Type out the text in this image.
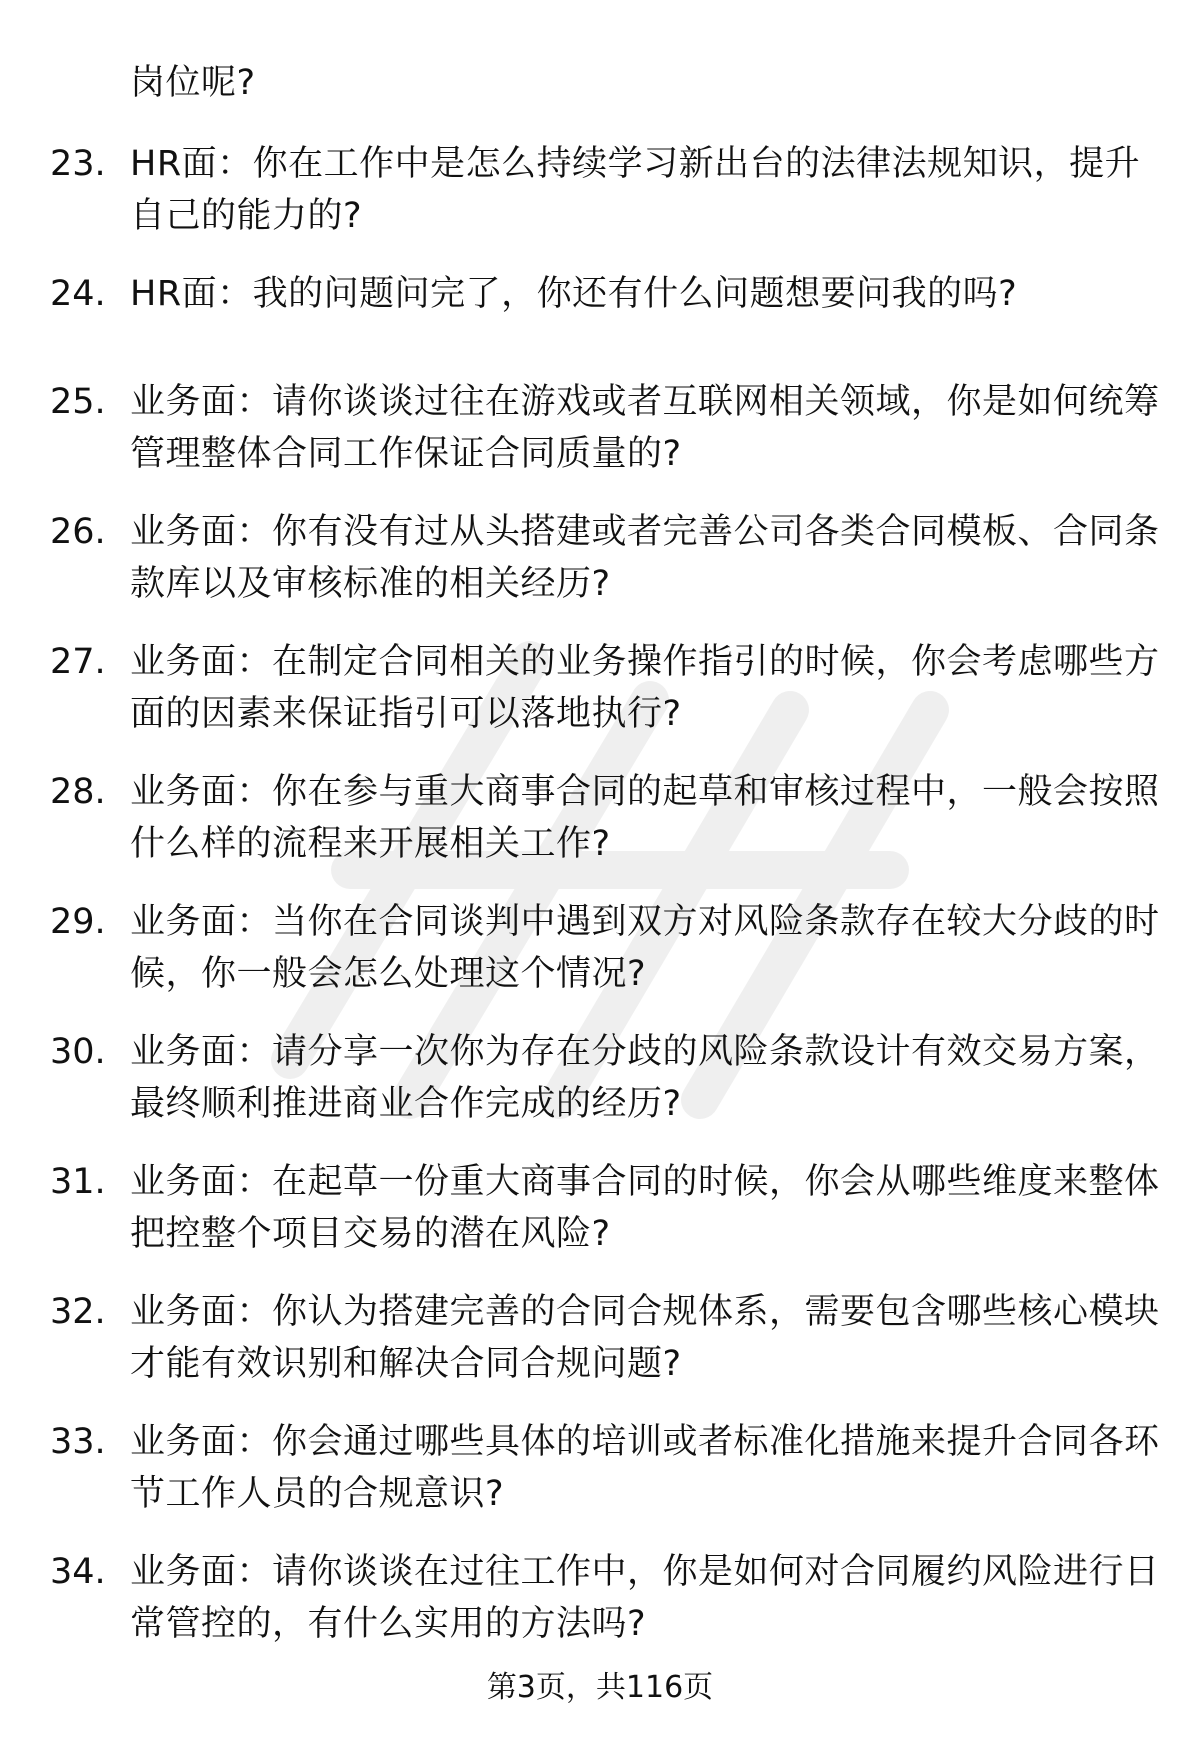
岗位呢?
23. HR面：你在工作中是怎么持续学习新出台的法律法规知识，提升自己的能力的?
24. HR面：我的问题问完了，你还有什么问题想要问我的吗?
25. 业务面：请你谈谈过往在游戏或者互联网相关领域，你是如何统筹管理整体合同工作保证合同质量的?
26. 业务面：你有没有过从头搭建或者完善公司各类合同模板、合同条款库以及审核标准的相关经历?
27. 业务面：在制定合同相关的业务操作指引的时候，你会考虑哪些方面的因素来保证指引可以落地执行?
28. 业务面：你在参与重大商事合同的起草和审核过程中，一般会按照什么样的流程来开展相关工作?
29. 业务面：当你在合同谈判中遇到双方对风险条款存在较大分歧的时候，你一般会怎么处理这个情况?
30. 业务面：请分享一次你为存在分歧的风险条款设计有效交易方案，最终顺利推进商业合作完成的经历?
31. 业务面：在起草一份重大商事合同的时候，你会从哪些维度来整体把控整个项目交易的潜在风险?
32. 业务面：你认为搭建完善的合同合规体系，需要包含哪些核心模块才能有效识别和解决合同合规问题?
33. 业务面：你会通过哪些具体的培训或者标准化措施来提升合同各环节工作人员的合规意识?
34. 业务面：请你谈谈在过往工作中，你是如何对合同履约风险进行日常管控的，有什么实用的方法吗?
第3页，共116页
